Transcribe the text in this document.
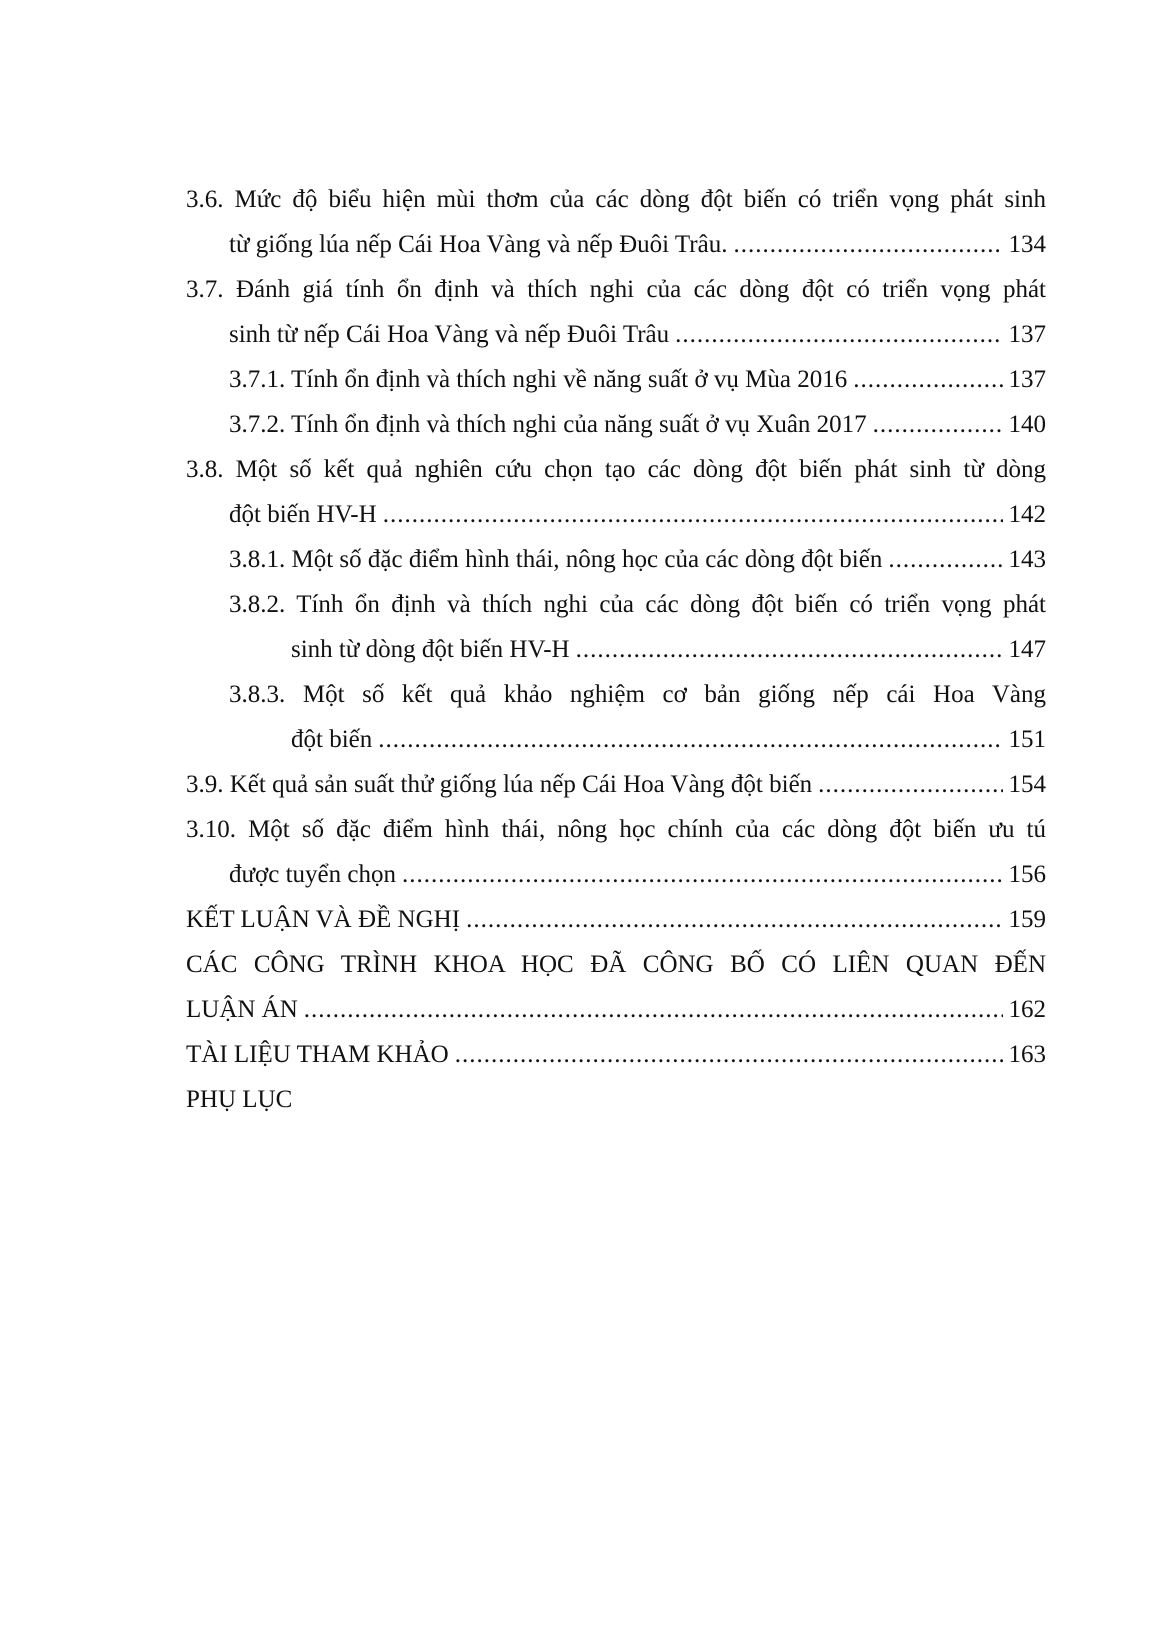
3.6. Mức độ biểu hiện mùi thơm của các dòng đột biến có triển vọng phát sinh
từ giống lúa nếp Cái Hoa Vàng và nếp Đuôi Trâu. .....	134
3.7. Đánh giá tính ổn định và thích nghi của các dòng đột có triển vọng phát
sinh từ nếp Cái Hoa Vàng và nếp Đuôi Trâu .....	137
3.7.1. Tính ổn định và thích nghi về năng suất ở vụ Mùa 2016 .....	137
3.7.2. Tính ổn định và thích nghi của năng suất ở vụ Xuân 2017 .....	140
3.8. Một số kết quả nghiên cứu chọn tạo các dòng đột biến phát sinh từ dòng
đột biến HV-H .....	142
3.8.1. Một số đặc điểm hình thái, nông học của các dòng đột biến .....	143
3.8.2. Tính ổn định và thích nghi của các dòng đột biến có triển vọng phát
sinh từ dòng đột biến HV-H .....	147
3.8.3. Một số kết quả khảo nghiệm cơ bản giống nếp cái Hoa Vàng
đột biến .....	151
3.9. Kết quả sản suất thử giống lúa nếp Cái Hoa Vàng đột biến .....	154
3.10. Một số đặc điểm hình thái, nông học chính của các dòng đột biến ưu tú
được tuyển chọn .....	156
KẾT LUẬN VÀ ĐỀ NGHỊ .....	159
CÁC CÔNG TRÌNH KHOA HỌC ĐÃ CÔNG BỐ CÓ LIÊN QUAN ĐẾN
LUẬN ÁN .....	162
TÀI LIỆU THAM KHẢO .....	163
PHỤ LỤC
